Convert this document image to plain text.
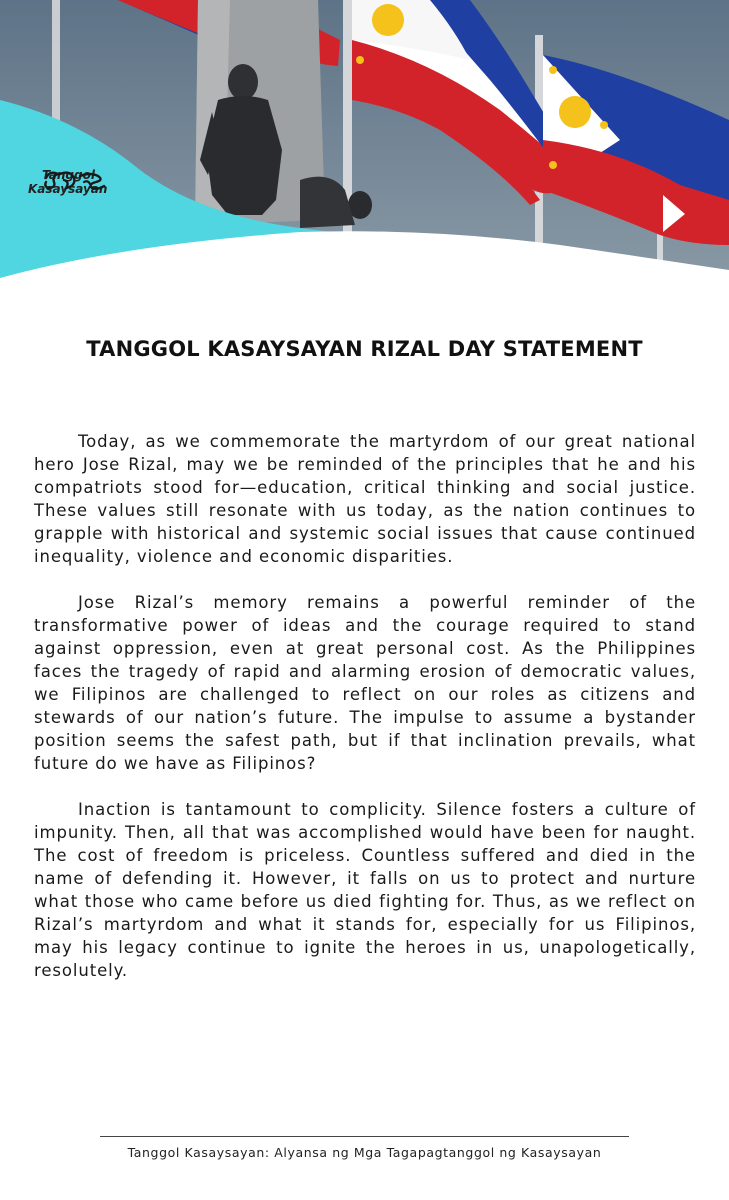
Tanggol
Kasaysayan
TANGGOL KASAYSAYAN RIZAL DAY STATEMENT

Today, as we commemorate the martyrdom of our great national hero Jose Rizal, may we be reminded of the principles that he and his compatriots stood for—education, critical thinking and social justice. These values still resonate with us today, as the nation continues to grapple with historical and systemic social issues that cause continued inequality, violence and economic disparities.

Jose Rizal’s memory remains a powerful reminder of the transformative power of ideas and the courage required to stand against oppression, even at great personal cost. As the Philippines faces the tragedy of rapid and alarming erosion of democratic values, we Filipinos are challenged to reflect on our roles as citizens and stewards of our nation’s future. The impulse to assume a bystander position seems the safest path, but if that inclination prevails, what future do we have as Filipinos?

Inaction is tantamount to complicity. Silence fosters a culture of impunity. Then, all that was accomplished would have been for naught. The cost of freedom is priceless. Countless suffered and died in the name of defending it. However, it falls on us to protect and nurture what those who came before us died fighting for. Thus, as we reflect on Rizal’s martyrdom and what it stands for, especially for us Filipinos, may his legacy continue to ignite the heroes in us, unapologetically, resolutely.

Tanggol Kasaysayan: Alyansa ng Mga Tagapagtanggol ng Kasaysayan
